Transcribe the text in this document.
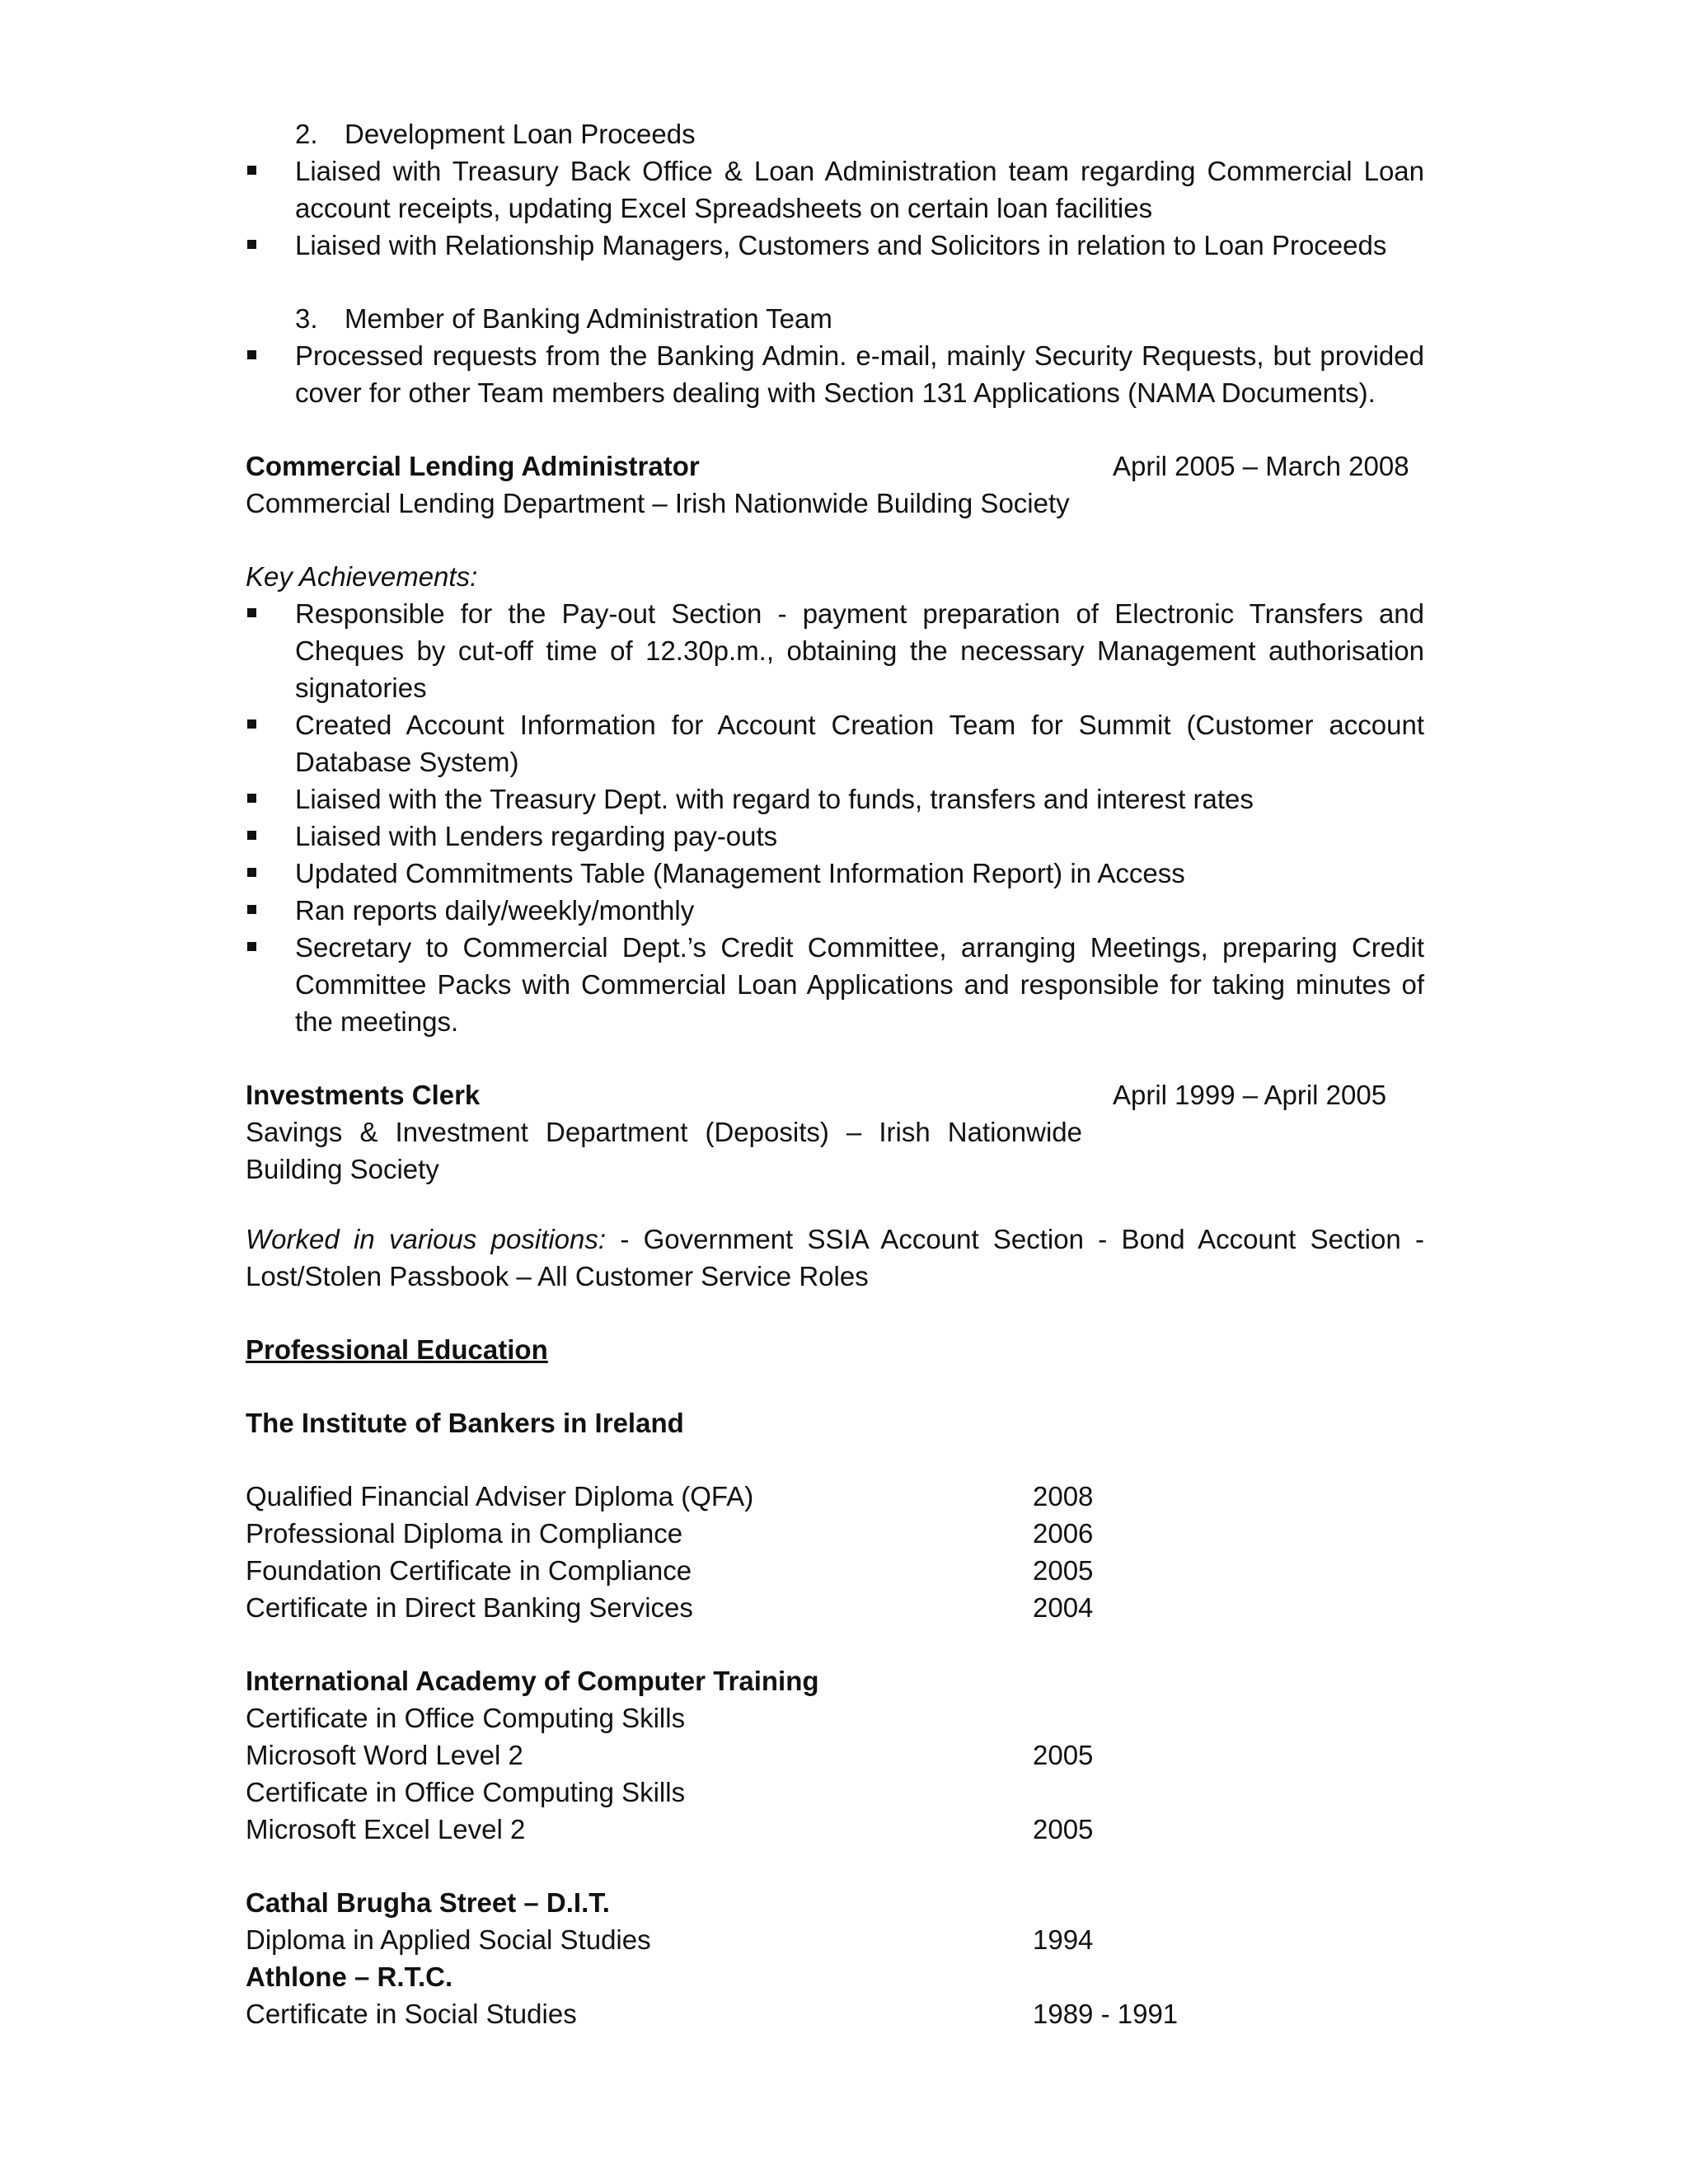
2. Development Loan Proceeds
Liaised with Treasury Back Office & Loan Administration team regarding Commercial Loan account receipts, updating Excel Spreadsheets on certain loan facilities
Liaised with Relationship Managers, Customers and Solicitors in relation to Loan Proceeds
3. Member of Banking Administration Team
Processed requests from the Banking Admin. e-mail, mainly Security Requests, but provided cover for other Team members dealing with Section 131 Applications (NAMA Documents).
Commercial Lending Administrator	April 2005 – March 2008
Commercial Lending Department – Irish Nationwide Building Society
Key Achievements:
Responsible for the Pay-out Section - payment preparation of Electronic Transfers and Cheques by cut-off time of 12.30p.m., obtaining the necessary Management authorisation signatories
Created Account Information for Account Creation Team for Summit (Customer account Database System)
Liaised with the Treasury Dept. with regard to funds, transfers and interest rates
Liaised with Lenders regarding pay-outs
Updated Commitments Table (Management Information Report) in Access
Ran reports daily/weekly/monthly
Secretary to Commercial Dept.’s Credit Committee, arranging Meetings, preparing Credit Committee Packs with Commercial Loan Applications and responsible for taking minutes of the meetings.
Investments Clerk	April 1999 – April 2005
Savings & Investment Department (Deposits) – Irish Nationwide Building Society
Worked in various positions: - Government SSIA Account Section - Bond Account Section - Lost/Stolen Passbook – All Customer Service Roles
Professional Education
The Institute of Bankers in Ireland
Qualified Financial Adviser Diploma (QFA)	2008
Professional Diploma in Compliance	2006
Foundation Certificate in Compliance	2005
Certificate in Direct Banking Services	2004
International Academy of Computer Training
Certificate in Office Computing Skills
Microsoft Word Level 2	2005
Certificate in Office Computing Skills
Microsoft Excel Level 2	2005
Cathal Brugha Street – D.I.T.
Diploma in Applied Social Studies	1994
Athlone – R.T.C.
Certificate in Social Studies	1989 - 1991
